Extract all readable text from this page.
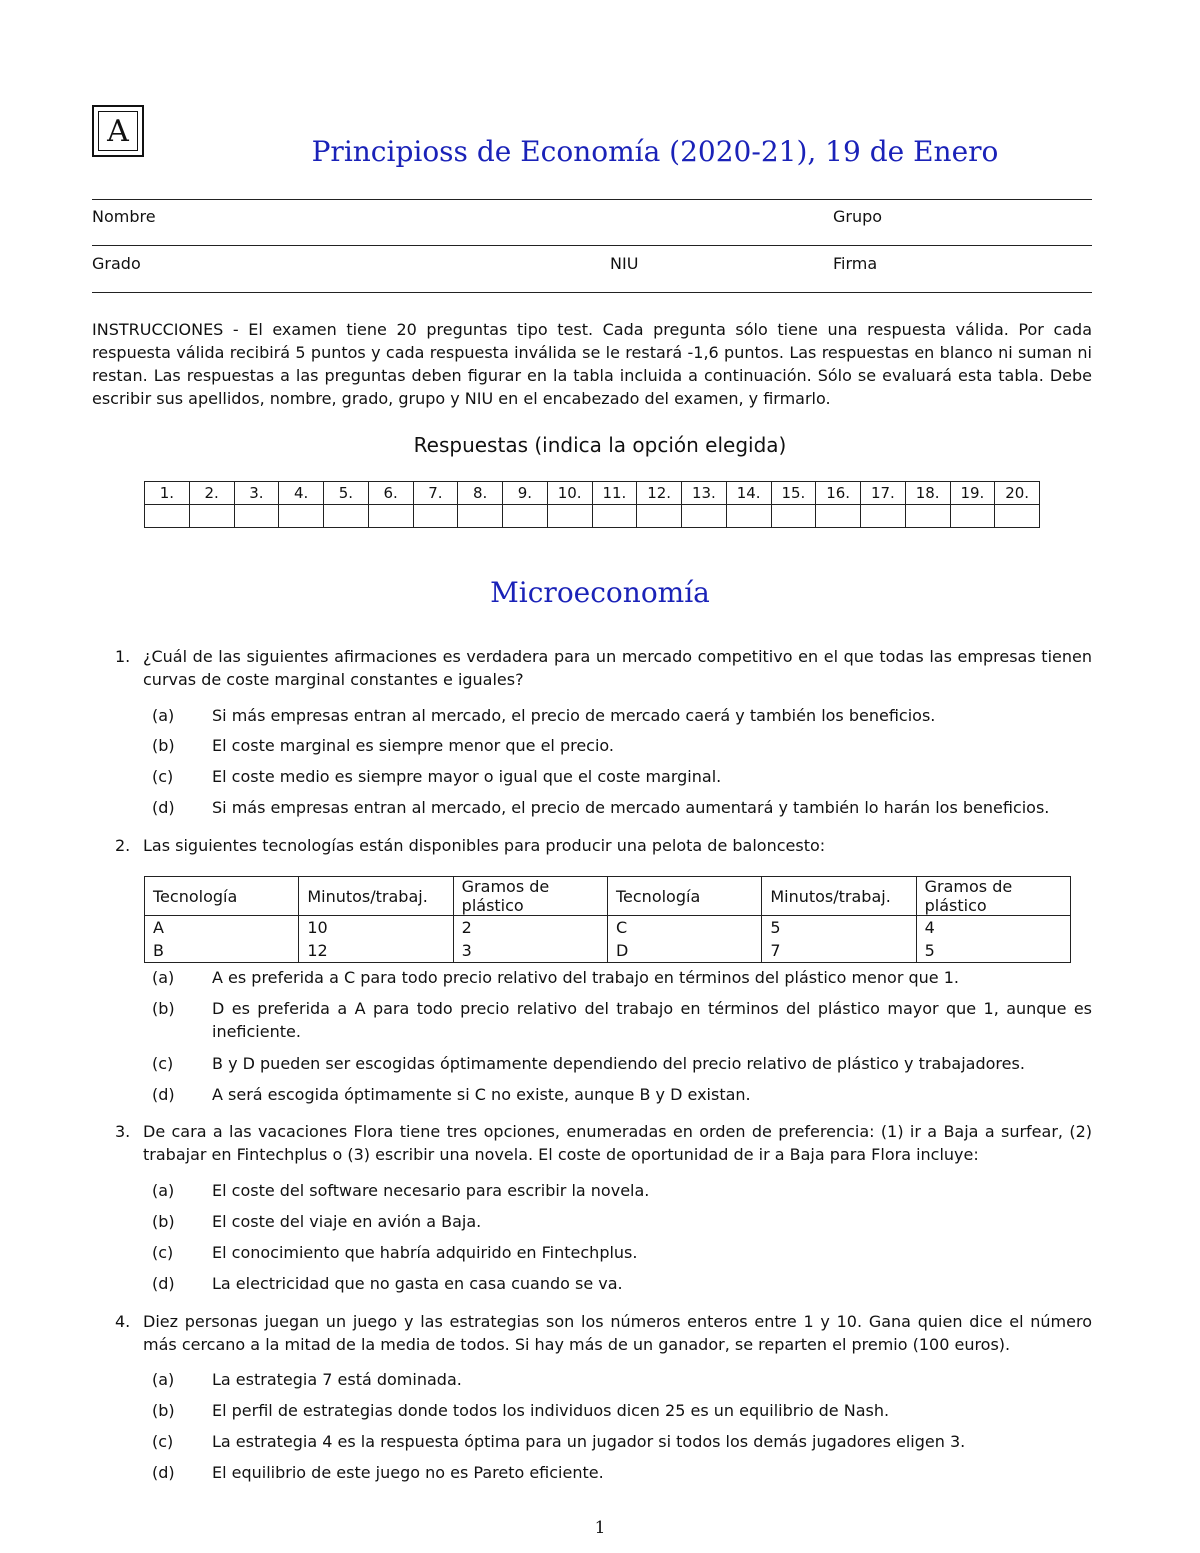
A
Principioss de Economía (2020-21), 19 de Enero
Nombre	Grupo
Grado	NIU	Firma
INSTRUCCIONES - El examen tiene 20 preguntas tipo test. Cada pregunta sólo tiene una respuesta válida. Por cada respuesta válida recibirá 5 puntos y cada respuesta inválida se le restará -1,6 puntos. Las respuestas en blanco ni suman ni restan. Las respuestas a las preguntas deben figurar en la tabla incluida a continuación. Sólo se evaluará esta tabla. Debe escribir sus apellidos, nombre, grado, grupo y NIU en el encabezado del examen, y firmarlo.
Respuestas (indica la opción elegida)
1.	2.	3.	4.	5.	6.	7.	8.	9.	10.	11.	12.	13.	14.	15.	16.	17.	18.	19.	20.

Microeconomía
1. ¿Cuál de las siguientes afirmaciones es verdadera para un mercado competitivo en el que todas las empresas tienen curvas de coste marginal constantes e iguales?
(a) Si más empresas entran al mercado, el precio de mercado caerá y también los beneficios.
(b) El coste marginal es siempre menor que el precio.
(c) El coste medio es siempre mayor o igual que el coste marginal.
(d) Si más empresas entran al mercado, el precio de mercado aumentará y también lo harán los beneficios.
2. Las siguientes tecnologías están disponibles para producir una pelota de baloncesto:
Tecnología	Minutos/trabaj.	Gramos de plástico	Tecnología	Minutos/trabaj.	Gramos de plástico
A	10	2	C	5	4
B	12	3	D	7	5
(a) A es preferida a C para todo precio relativo del trabajo en términos del plástico menor que 1.
(b) D es preferida a A para todo precio relativo del trabajo en términos del plástico mayor que 1, aunque es ineficiente.
(c) B y D pueden ser escogidas óptimamente dependiendo del precio relativo de plástico y trabajadores.
(d) A será escogida óptimamente si C no existe, aunque B y D existan.
3. De cara a las vacaciones Flora tiene tres opciones, enumeradas en orden de preferencia: (1) ir a Baja a surfear, (2) trabajar en Fintechplus o (3) escribir una novela. El coste de oportunidad de ir a Baja para Flora incluye:
(a) El coste del software necesario para escribir la novela.
(b) El coste del viaje en avión a Baja.
(c) El conocimiento que habría adquirido en Fintechplus.
(d) La electricidad que no gasta en casa cuando se va.
4. Diez personas juegan un juego y las estrategias son los números enteros entre 1 y 10. Gana quien dice el número más cercano a la mitad de la media de todos. Si hay más de un ganador, se reparten el premio (100 euros).
(a) La estrategia 7 está dominada.
(b) El perfil de estrategias donde todos los individuos dicen 25 es un equilibrio de Nash.
(c) La estrategia 4 es la respuesta óptima para un jugador si todos los demás jugadores eligen 3.
(d) El equilibrio de este juego no es Pareto eficiente.
1
